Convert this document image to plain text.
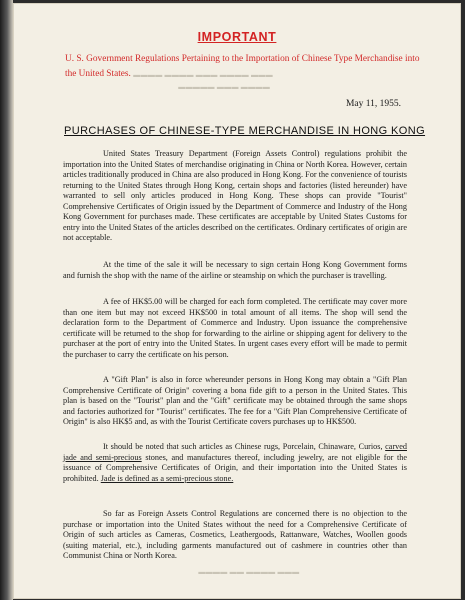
▬▬▬ ▬▬▬▬ ▬▬▬ ▬▬▬▬ ▬▬▬▬
▬▬▬▬ ▬▬▬ ▬▬▬▬▬
IMPORTANT
U. S. Government Regulations Pertaining to the Importation of Chinese Type Merchandise into the United States.
May 11, 1955.
PURCHASES OF CHINESE-TYPE MERCHANDISE IN HONG KONG

United States Treasury Department (Foreign Assets Control) regulations prohibit the importation into the United States of merchandise originating in China or North Korea. However, certain articles traditionally produced in China are also produced in Hong Kong. For the convenience of tourists returning to the United States through Hong Kong, certain shops and factories (listed hereunder) have warranted to sell only articles produced in Hong Kong. These shops can provide "Tourist" Comprehensive Certificates of Origin issued by the Department of Commerce and Industry of the Hong Kong Government for purchases made. These certificates are acceptable by United States Customs for entry into the United States of the articles described on the certificates. Ordinary certificates of origin are not acceptable.

At the time of the sale it will be necessary to sign certain Hong Kong Government forms and furnish the shop with the name of the airline or steamship on which the purchaser is travelling.

A fee of HK$5.00 will be charged for each form completed. The certificate may cover more than one item but may not exceed HK$500 in total amount of all items. The shop will send the declaration form to the Department of Commerce and Industry. Upon issuance the comprehensive certificate will be returned to the shop for forwarding to the airline or shipping agent for delivery to the purchaser at the port of entry into the United States. In urgent cases every effort will be made to permit the purchaser to carry the certificate on his person.

A "Gift Plan" is also in force whereunder persons in Hong Kong may obtain a "Gift Plan Comprehensive Certificate of Origin" covering a bona fide gift to a person in the United States. This plan is based on the "Tourist" plan and the "Gift" certificate may be obtained through the same shops and factories authorized for "Tourist" certificates. The fee for a "Gift Plan Comprehensive Certificate of Origin" is also HK$5 and, as with the Tourist Certificate covers purchases up to HK$500.

It should be noted that such articles as Chinese rugs, Porcelain, Chinaware, Curios, carved jade and semi-precious stones, and manufactures thereof, including jewelry, are not eligible for the issuance of Comprehensive Certificates of Origin, and their importation into the United States is prohibited. Jade is defined as a semi-precious stone.

So far as Foreign Assets Control Regulations are concerned there is no objection to the purchase or importation into the United States without the need for a Comprehensive Certificate of Origin of such articles as Cameras, Cosmetics, Leathergoods, Rattanware, Watches, Woollen goods (suiting material, etc.), including garments manufactured out of cashmere in countries other than Communist China or North Korea.

▬▬▬ ▬▬▬▬ ▬▬ ▬▬▬▬
